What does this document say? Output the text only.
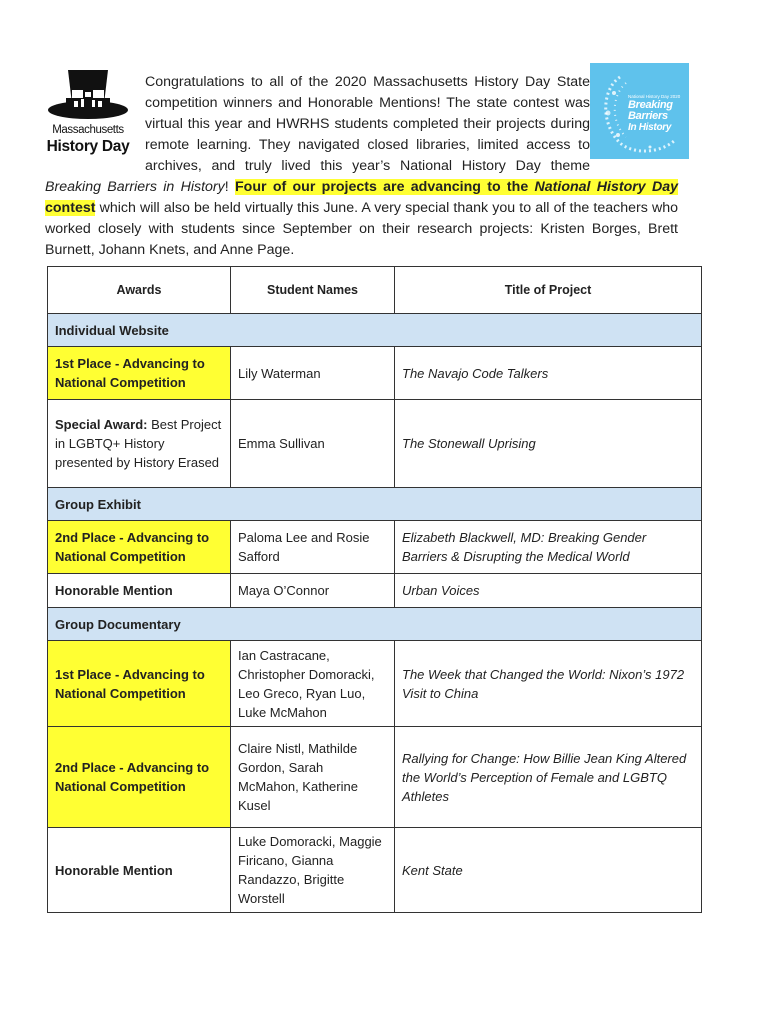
Massachusetts
History Day
National History Day 2020
Breaking
Barriers
In History

Congratulations to all of the 2020 Massachusetts History Day State competition winners and Honorable Mentions! The state contest was virtual this year and HWRHS students completed their projects during remote learning. They navigated closed libraries, limited access to archives, and truly lived this year’s National History Day theme Breaking Barriers in History! Four of our projects are advancing to the National History Day contest which will also be held virtually this June. A very special thank you to all of the teachers who worked closely with students since September on their research projects: Kristen Borges, Brett Burnett, Johann Knets, and Anne Page.

Awards	Student Names	Title of Project
Individual Website		
1st Place - Advancing to National Competition	Lily Waterman	The Navajo Code Talkers
Special Award: Best Project in LGBTQ+ History presented by History Erased	Emma Sullivan	The Stonewall Uprising
Group Exhibit		
2nd Place - Advancing to National Competition	Paloma Lee and Rosie Safford	Elizabeth Blackwell, MD: Breaking Gender Barriers & Disrupting the Medical World
Honorable Mention	Maya O’Connor	Urban Voices
Group Documentary		
1st Place - Advancing to National Competition	Ian Castracane, Christopher Domoracki, Leo Greco, Ryan Luo, Luke McMahon	The Week that Changed the World: Nixon’s 1972 Visit to China
2nd Place - Advancing to National Competition	Claire Nistl, Mathilde Gordon, Sarah McMahon, Katherine Kusel	Rallying for Change: How Billie Jean King Altered the World’s Perception of Female and LGBTQ Athletes
Honorable Mention	Luke Domoracki, Maggie Firicano, Gianna Randazzo, Brigitte Worstell	Kent State
